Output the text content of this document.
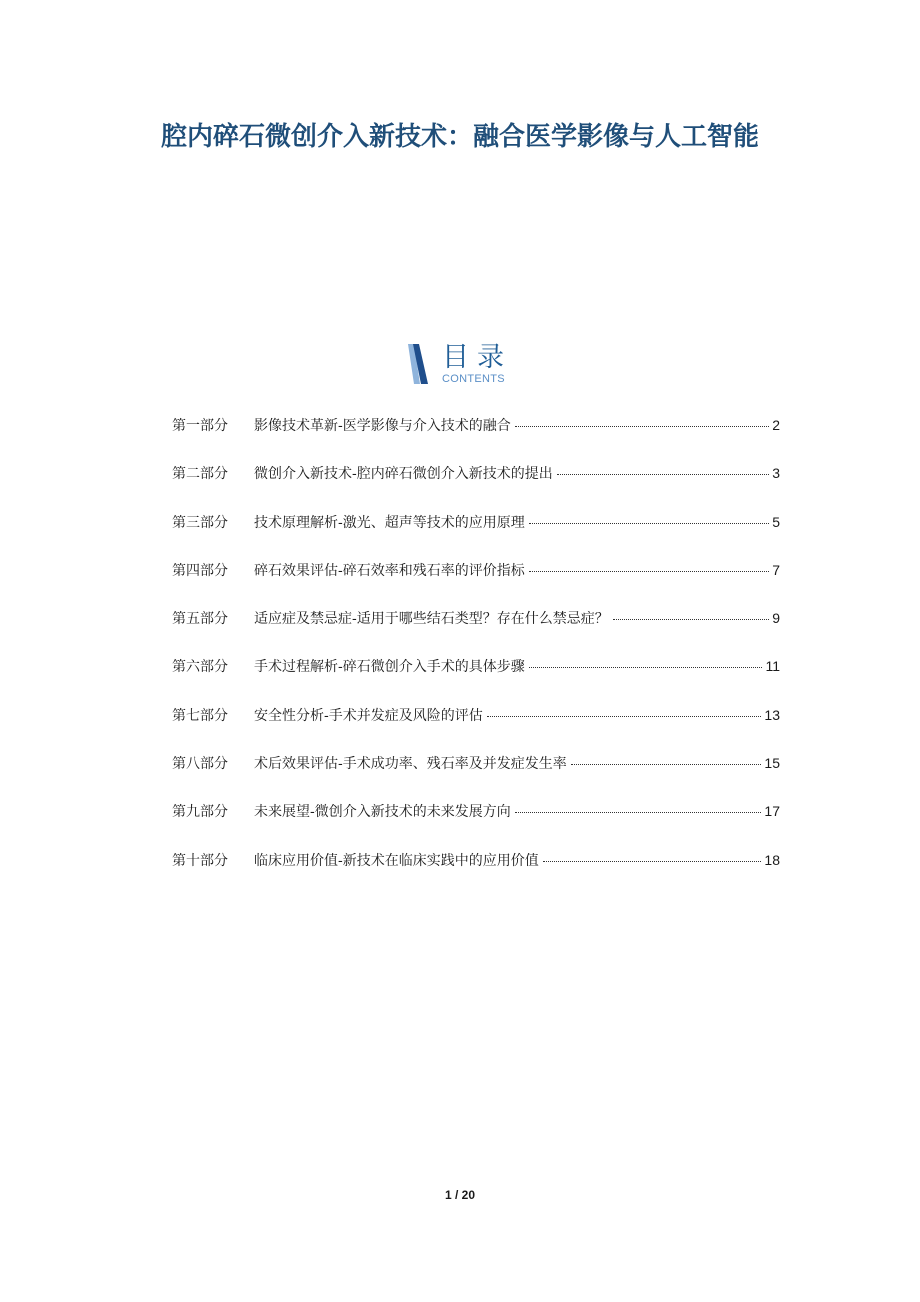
腔内碎石微创介入新技术：融合医学影像与人工智能
目录
CONTENTS
第一部分	影像技术革新-医学影像与介入技术的融合	2
第二部分	微创介入新技术-腔内碎石微创介入新技术的提出	3
第三部分	技术原理解析-激光、超声等技术的应用原理	5
第四部分	碎石效果评估-碎石效率和残石率的评价指标	7
第五部分	适应症及禁忌症-适用于哪些结石类型？存在什么禁忌症？	9
第六部分	手术过程解析-碎石微创介入手术的具体步骤	11
第七部分	安全性分析-手术并发症及风险的评估	13
第八部分	术后效果评估-手术成功率、残石率及并发症发生率	15
第九部分	未来展望-微创介入新技术的未来发展方向	17
第十部分	临床应用价值-新技术在临床实践中的应用价值	18
1 / 20
